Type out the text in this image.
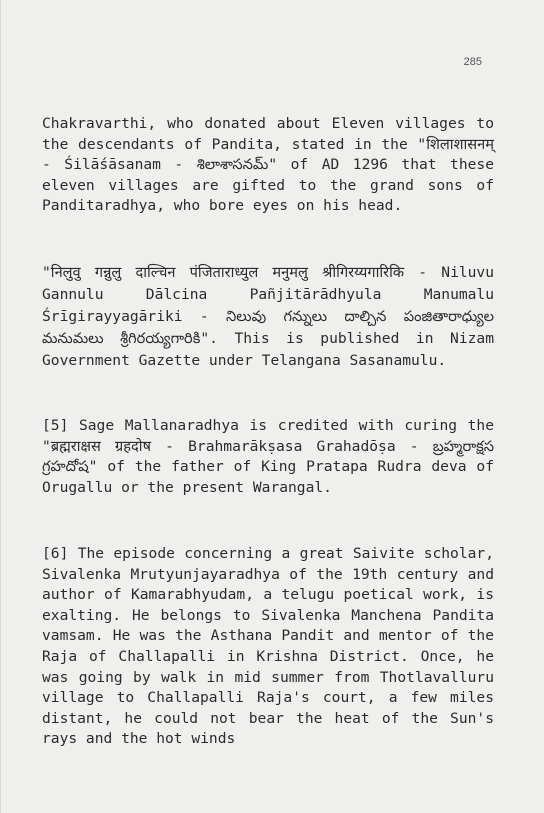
285

Chakravarthi, who donated about Eleven villages to the descendants of Pandita, stated in the "शिलाशासनम् - Śilāśāsanam - శిలాశాసనమ్" of AD 1296 that these eleven villages are gifted to the grand sons of Panditaradhya, who bore eyes on his head.

"निलुवु गन्नुलु दाल्चिन पंजिताराध्युल मनुमलु श्रीगिरय्यगारिकि - Niluvu Gannulu Dālcina Pañjitārādhyula Manumalu Śrīgirayyagāriki - నిలువు గన్నులు దాల్చిన పంజితారాధ్యుల మనుమలు శ్రీగిరయ్యగారికి". This is published in Nizam Government Gazette under Telangana Sasanamulu.

[5] Sage Mallanaradhya is credited with curing the "ब्रह्मराक्षस ग्रहदोष - Brahmarākṣasa Grahadōṣa - బ్రహ్మరాక్షస గ్రహదోష" of the father of King Pratapa Rudra deva of Orugallu or the present Warangal.

[6] The episode concerning a great Saivite scholar, Sivalenka Mrutyunjayaradhya of the 19th century and author of Kamarabhyudam, a telugu poetical work, is exalting. He belongs to Sivalenka Manchena Pandita vamsam. He was the Asthana Pandit and mentor of the Raja of Challapalli in Krishna District. Once, he was going by walk in mid summer from Thotlavalluru village to Challapalli Raja's court, a few miles distant, he could not bear the heat of the Sun's rays and the hot winds
